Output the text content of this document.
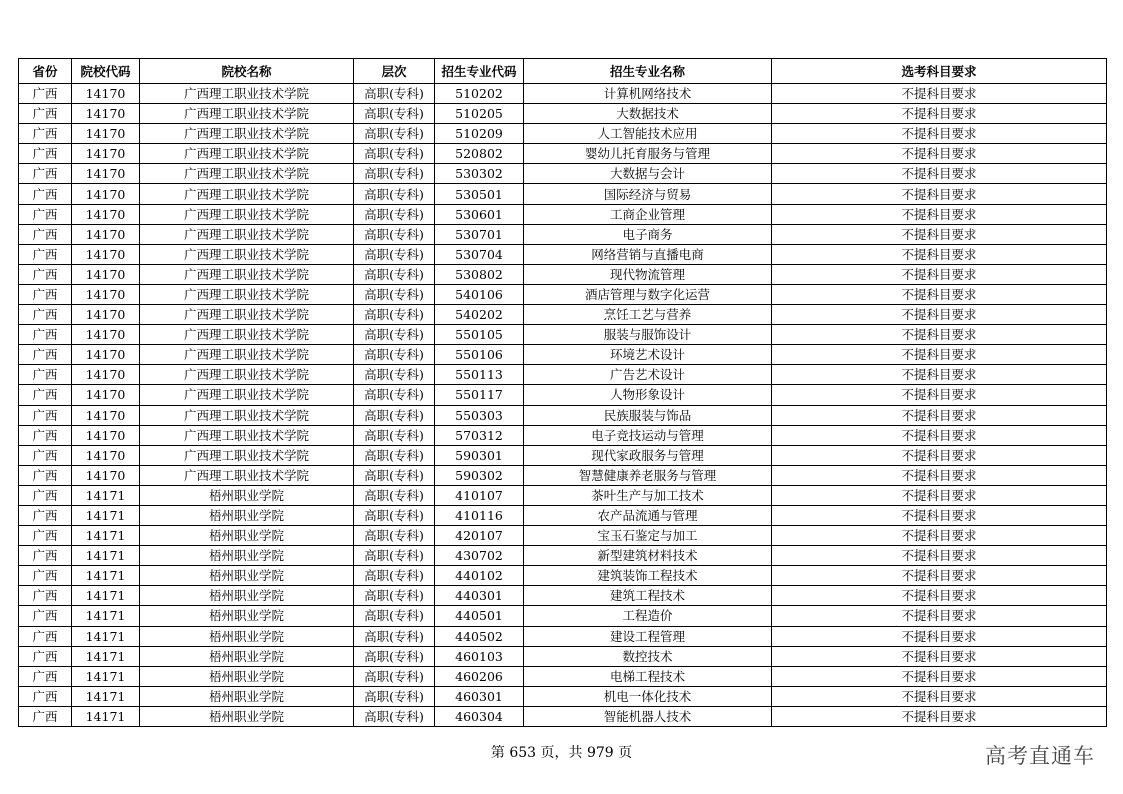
省份	院校代码	院校名称	层次	招生专业代码	招生专业名称	选考科目要求
广西	14170	广西理工职业技术学院	高职(专科)	510202	计算机网络技术	不提科目要求
广西	14170	广西理工职业技术学院	高职(专科)	510205	大数据技术	不提科目要求
广西	14170	广西理工职业技术学院	高职(专科)	510209	人工智能技术应用	不提科目要求
广西	14170	广西理工职业技术学院	高职(专科)	520802	婴幼儿托育服务与管理	不提科目要求
广西	14170	广西理工职业技术学院	高职(专科)	530302	大数据与会计	不提科目要求
广西	14170	广西理工职业技术学院	高职(专科)	530501	国际经济与贸易	不提科目要求
广西	14170	广西理工职业技术学院	高职(专科)	530601	工商企业管理	不提科目要求
广西	14170	广西理工职业技术学院	高职(专科)	530701	电子商务	不提科目要求
广西	14170	广西理工职业技术学院	高职(专科)	530704	网络营销与直播电商	不提科目要求
广西	14170	广西理工职业技术学院	高职(专科)	530802	现代物流管理	不提科目要求
广西	14170	广西理工职业技术学院	高职(专科)	540106	酒店管理与数字化运营	不提科目要求
广西	14170	广西理工职业技术学院	高职(专科)	540202	烹饪工艺与营养	不提科目要求
广西	14170	广西理工职业技术学院	高职(专科)	550105	服装与服饰设计	不提科目要求
广西	14170	广西理工职业技术学院	高职(专科)	550106	环境艺术设计	不提科目要求
广西	14170	广西理工职业技术学院	高职(专科)	550113	广告艺术设计	不提科目要求
广西	14170	广西理工职业技术学院	高职(专科)	550117	人物形象设计	不提科目要求
广西	14170	广西理工职业技术学院	高职(专科)	550303	民族服装与饰品	不提科目要求
广西	14170	广西理工职业技术学院	高职(专科)	570312	电子竞技运动与管理	不提科目要求
广西	14170	广西理工职业技术学院	高职(专科)	590301	现代家政服务与管理	不提科目要求
广西	14170	广西理工职业技术学院	高职(专科)	590302	智慧健康养老服务与管理	不提科目要求
广西	14171	梧州职业学院	高职(专科)	410107	茶叶生产与加工技术	不提科目要求
广西	14171	梧州职业学院	高职(专科)	410116	农产品流通与管理	不提科目要求
广西	14171	梧州职业学院	高职(专科)	420107	宝玉石鉴定与加工	不提科目要求
广西	14171	梧州职业学院	高职(专科)	430702	新型建筑材料技术	不提科目要求
广西	14171	梧州职业学院	高职(专科)	440102	建筑装饰工程技术	不提科目要求
广西	14171	梧州职业学院	高职(专科)	440301	建筑工程技术	不提科目要求
广西	14171	梧州职业学院	高职(专科)	440501	工程造价	不提科目要求
广西	14171	梧州职业学院	高职(专科)	440502	建设工程管理	不提科目要求
广西	14171	梧州职业学院	高职(专科)	460103	数控技术	不提科目要求
广西	14171	梧州职业学院	高职(专科)	460206	电梯工程技术	不提科目要求
广西	14171	梧州职业学院	高职(专科)	460301	机电一体化技术	不提科目要求
广西	14171	梧州职业学院	高职(专科)	460304	智能机器人技术	不提科目要求
第 653 页，共 979 页	高考直通车
